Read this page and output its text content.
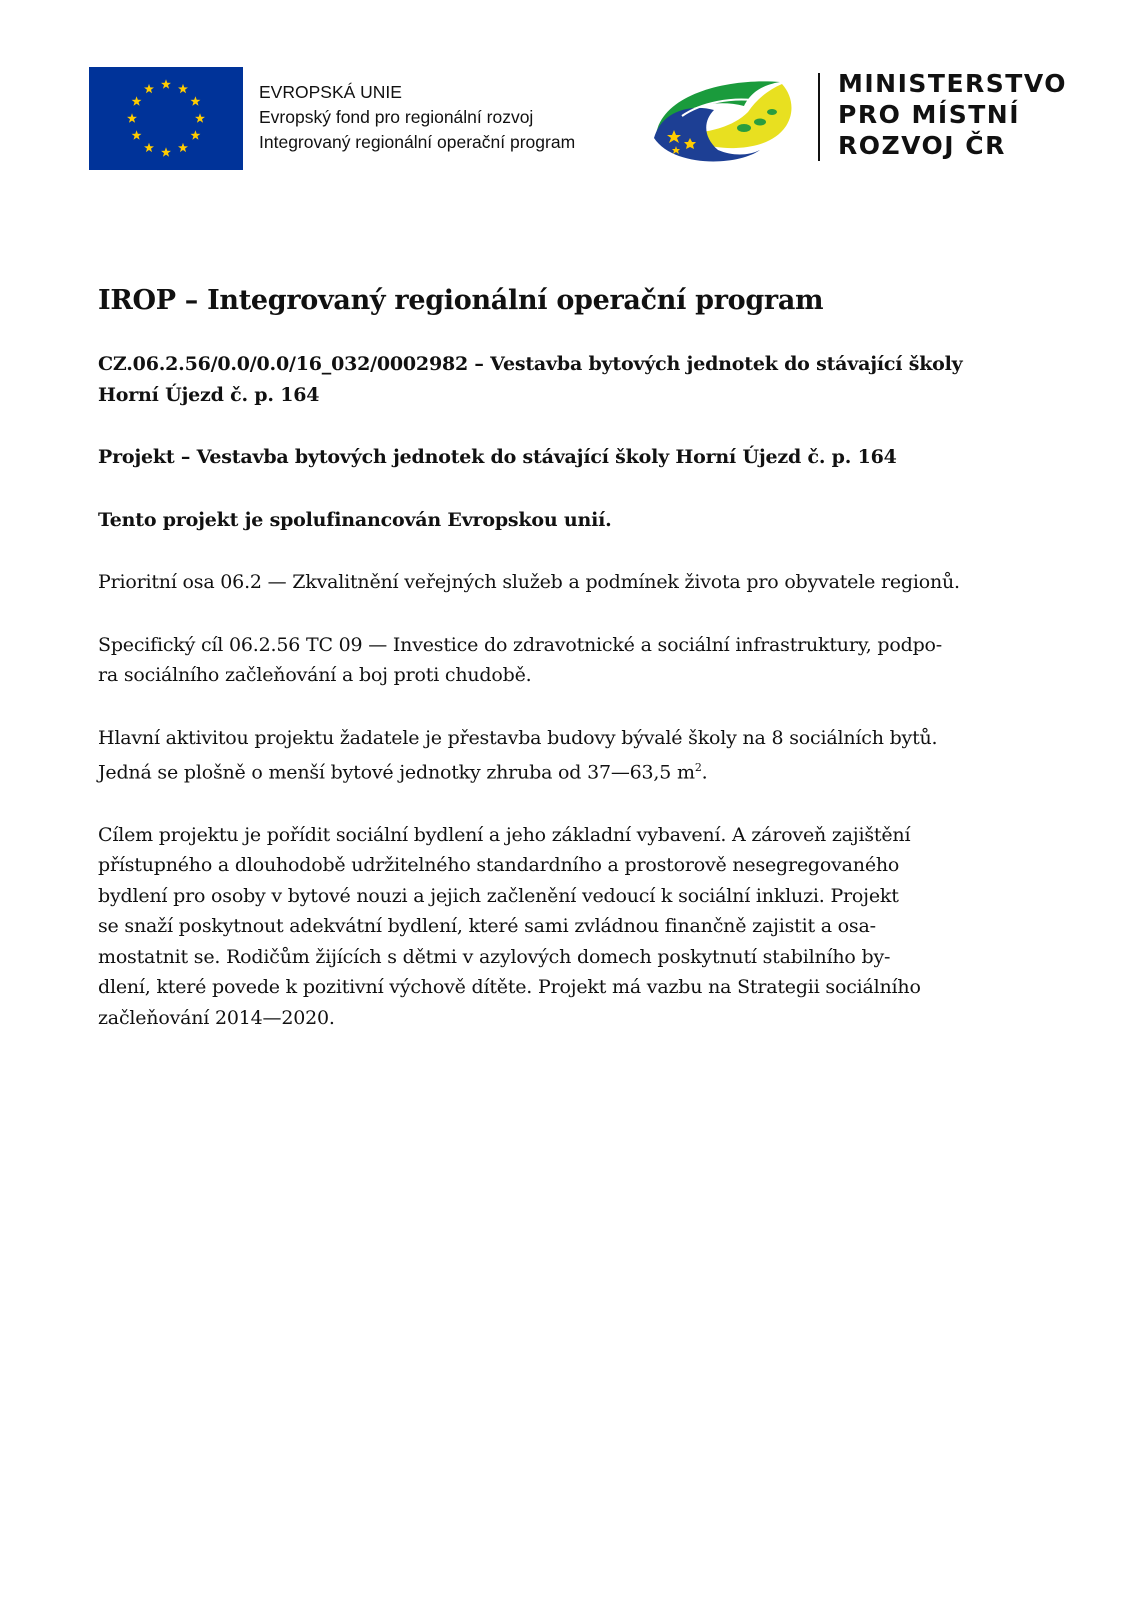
EVROPSKÁ UNIE
Evropský fond pro regionální rozvoj
Integrovaný regionální operační program
MINISTERSTVO
PRO MÍSTNÍ
ROZVOJ ČR
IROP – Integrovaný regionální operační program

CZ.06.2.56/0.0/0.0/16_032/0002982 – Vestavba bytových jednotek do stávající školy
Horní Újezd č. p. 164

Projekt – Vestavba bytových jednotek do stávající školy Horní Újezd č. p. 164

Tento projekt je spolufinancován Evropskou unií.

Prioritní osa 06.2 — Zkvalitnění veřejných služeb a podmínek života pro obyvatele regionů.

Specifický cíl 06.2.56 TC 09 — Investice do zdravotnické a sociální infrastruktury, podpo-
ra sociálního začleňování a boj proti chudobě.

Hlavní aktivitou projektu žadatele je přestavba budovy bývalé školy na 8 sociálních bytů.
Jedná se plošně o menší bytové jednotky zhruba od 37—63,5 $m^2$.

Cílem projektu je pořídit sociální bydlení a jeho základní vybavení. A zároveň zajištění
přístupného a dlouhodobě udržitelného standardního a prostorově nesegregovaného
bydlení pro osoby v bytové nouzi a jejich začlenění vedoucí k sociální inkluzi. Projekt
se snaží poskytnout adekvátní bydlení, které sami zvládnou finančně zajistit a osa-
mostatnit se. Rodičům žijících s dětmi v azylových domech poskytnutí stabilního by-
dlení, které povede k pozitivní výchově dítěte. Projekt má vazbu na Strategii sociálního
začleňování 2014—2020.
